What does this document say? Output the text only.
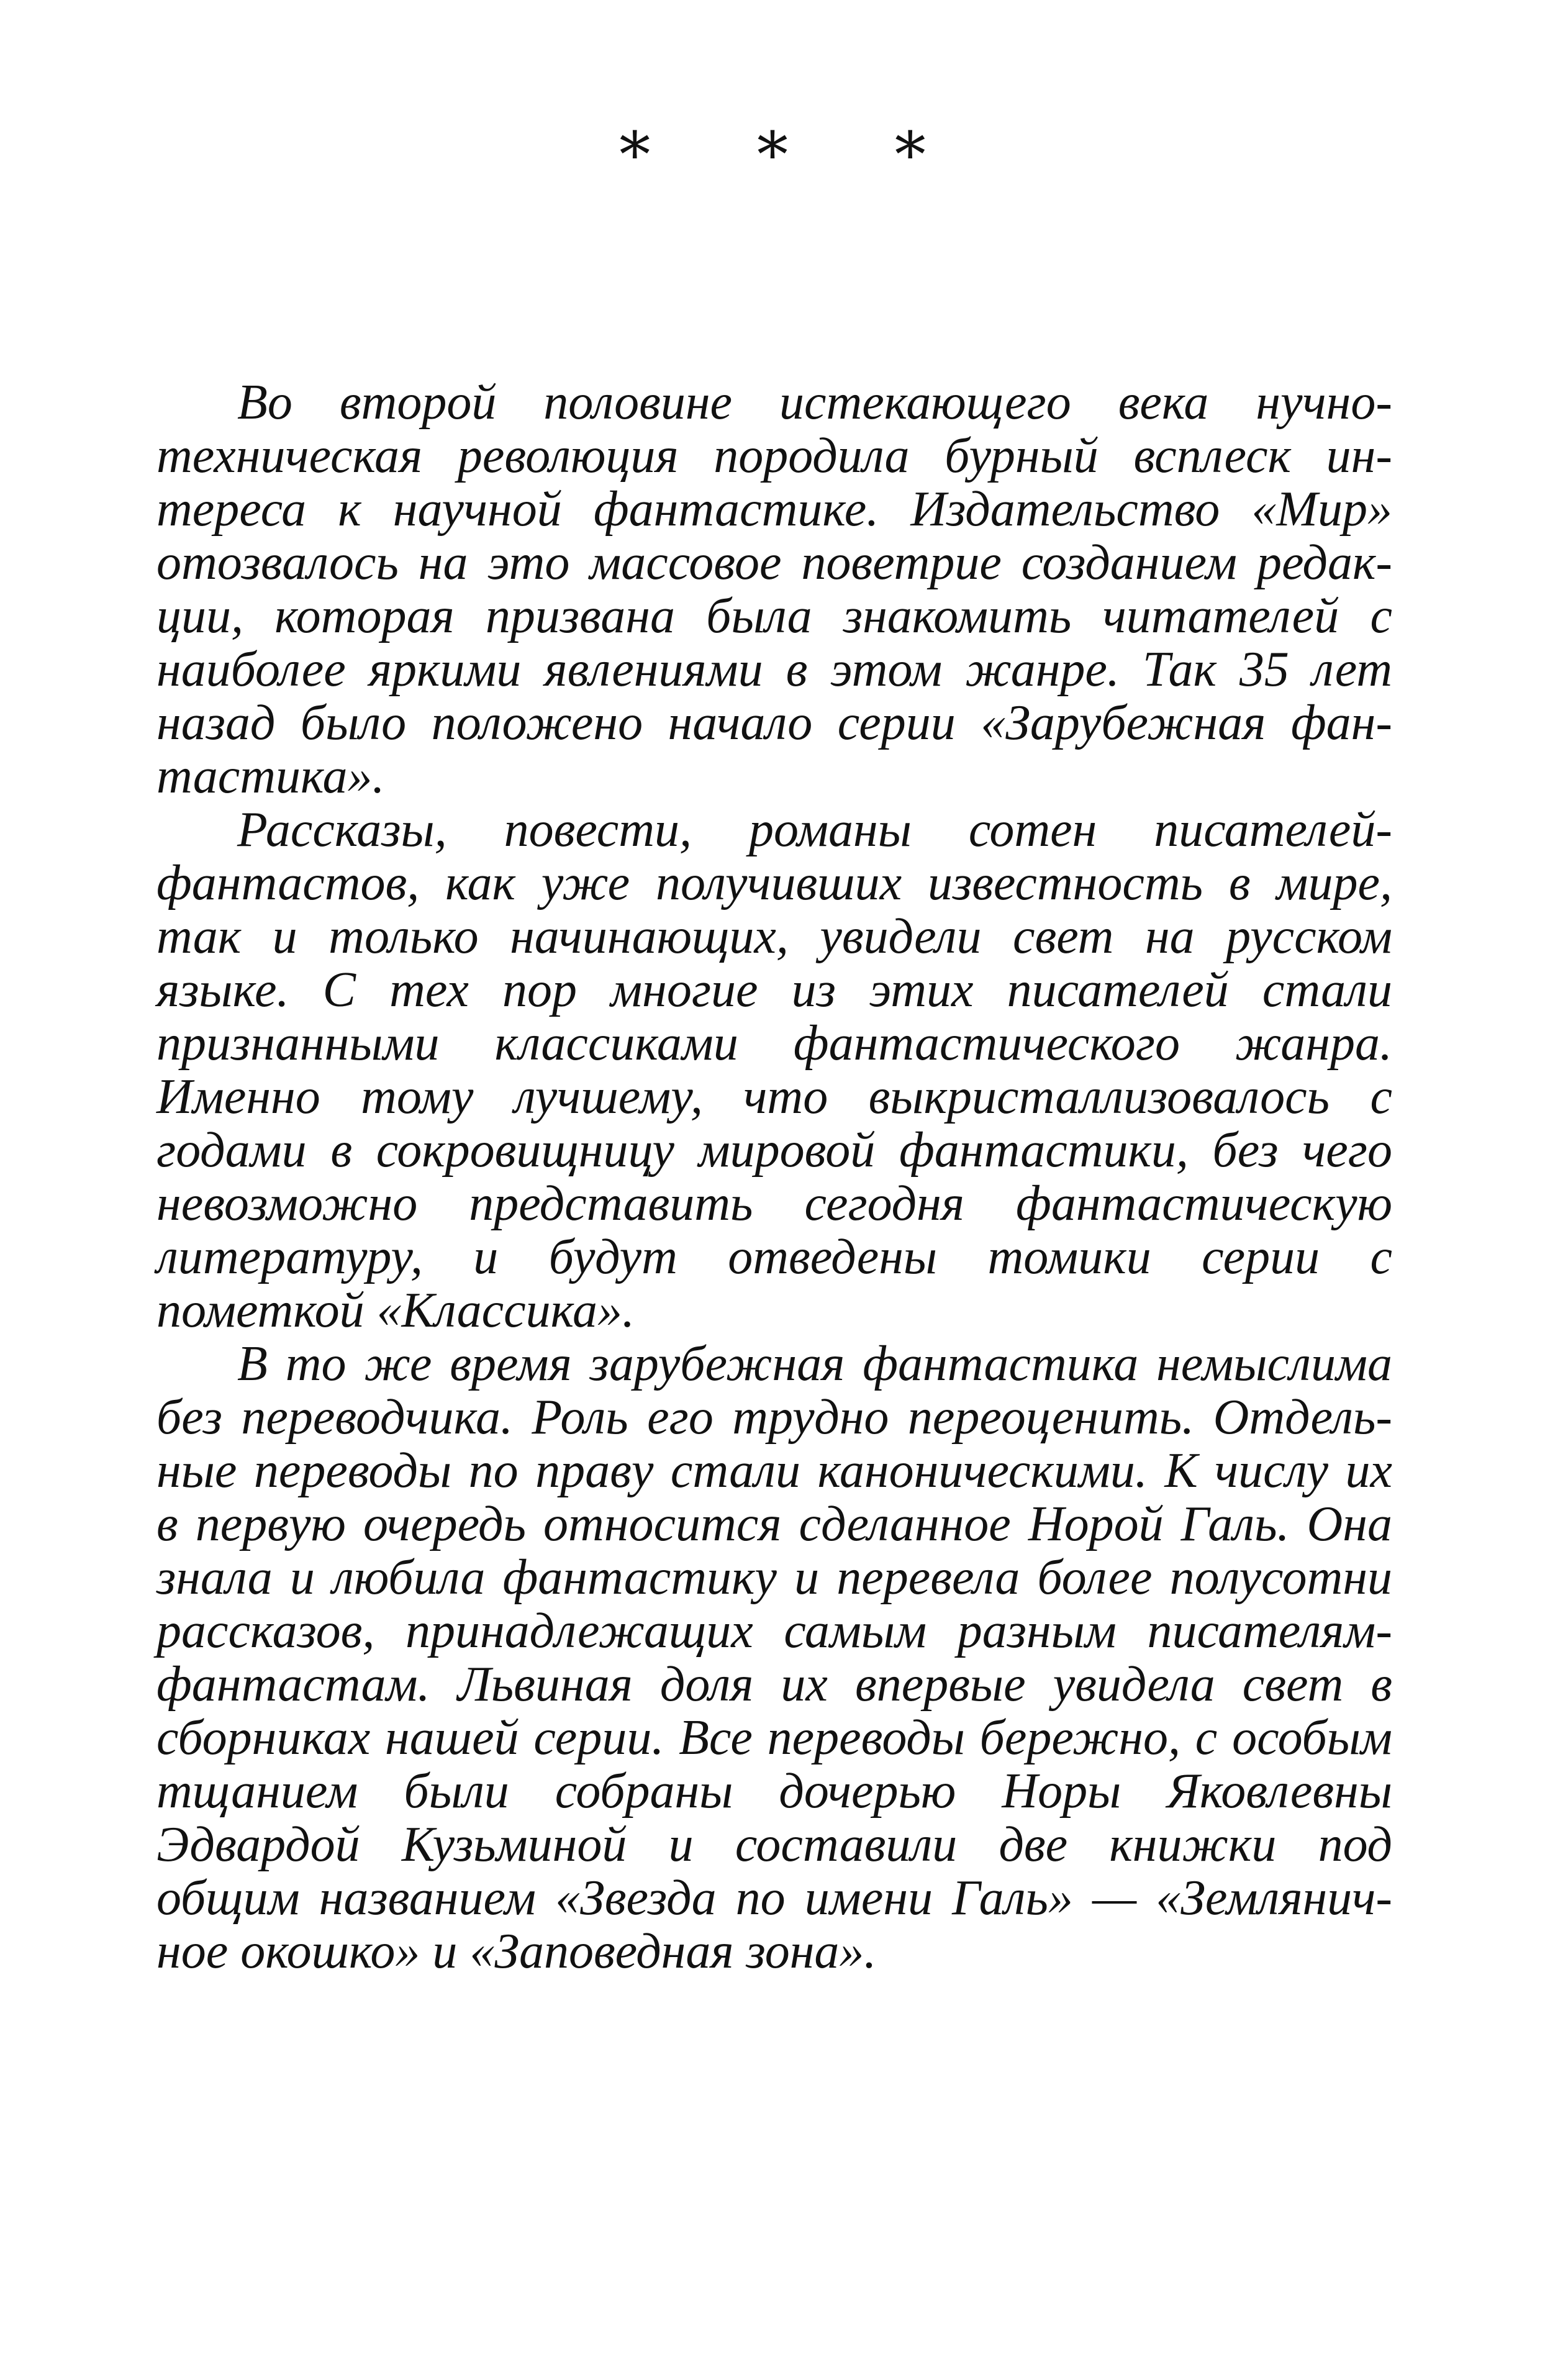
* * *
Во второй половине истекающего века нучно-
техническая революция породила бурный всплеск ин-
тереса к научной фантастике. Издательство «Мир»
отозвалось на это массовое поветрие созданием редак-
ции, которая призвана была знакомить читателей с
наиболее яркими явлениями в этом жанре. Так 35 лет
назад было положено начало серии «Зарубежная фан-
тастика».
Рассказы, повести, романы сотен писателей-
фантастов, как уже получивших известность в мире,
так и только начинающих, увидели свет на русском
языке. С тех пор многие из этих писателей стали
признанными классиками фантастического жанра.
Именно тому лучшему, что выкристаллизовалось с
годами в сокровищницу мировой фантастики, без чего
невозможно представить сегодня фантастическую
литературу, и будут отведены томики серии с
пометкой «Классика».
В то же время зарубежная фантастика немыслима
без переводчика. Роль его трудно переоценить. Отдель-
ные переводы по праву стали каноническими. К числу их
в первую очередь относится сделанное Норой Галь. Она
знала и любила фантастику и перевела более полусотни
рассказов, принадлежащих самым разным писателям-
фантастам. Львиная доля их впервые увидела свет в
сборниках нашей серии. Все переводы бережно, с особым
тщанием были собраны дочерью Норы Яковлевны
Эдвардой Кузьминой и составили две книжки под
общим названием «Звезда по имени Галь» — «Землянич-
ное окошко» и «Заповедная зона».
